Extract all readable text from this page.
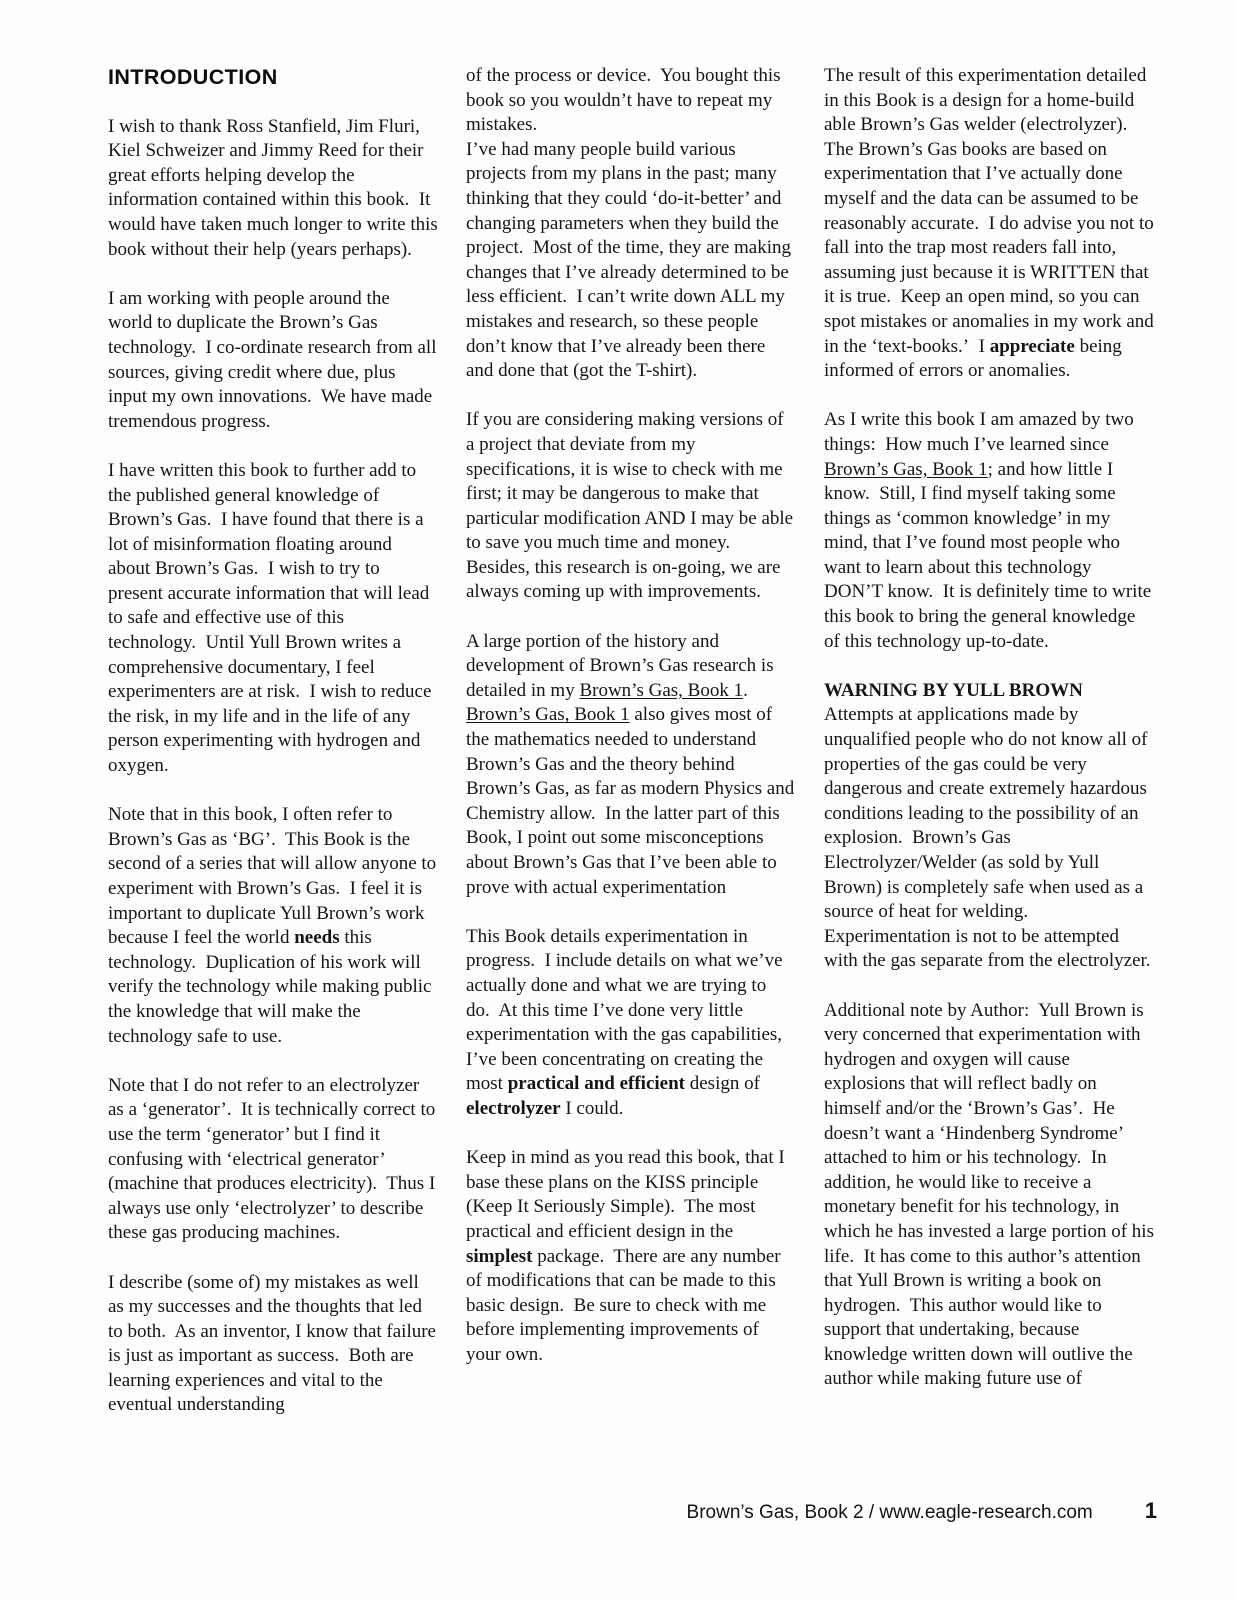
INTRODUCTION

I wish to thank Ross Stanfield, Jim Fluri, Kiel Schweizer and Jimmy Reed for their great efforts helping develop the information contained within this book.  It would have taken much longer to write this book without their help (years perhaps).

I am working with people around the world to duplicate the Brown’s Gas technology.  I co-ordinate research from all sources, giving credit where due, plus input my own innovations.  We have made tremendous progress.

I have written this book to further add to the published general knowledge of Brown’s Gas.  I have found that there is a lot of misinformation floating around about Brown’s Gas.  I wish to try to present accurate information that will lead to safe and effective use of this technology.  Until Yull Brown writes a comprehensive documentary, I feel experimenters are at risk.  I wish to reduce the risk, in my life and in the life of any person experimenting with hydrogen and oxygen.

Note that in this book, I often refer to Brown’s Gas as ‘BG’.  This Book is the second of a series that will allow anyone to experiment with Brown’s Gas.  I feel it is important to duplicate Yull Brown’s work because I feel the world needs this technology.  Duplication of his work will verify the technology while making public the knowledge that will make the technology safe to use.

Note that I do not refer to an electrolyzer as a ‘generator’.  It is technically correct to use the term ‘generator’ but I find it confusing with ‘electrical generator’ (machine that produces electricity).  Thus I always use only ‘electrolyzer’ to describe these gas producing machines.

I describe (some of) my mistakes as well as my successes and the thoughts that led to both.  As an inventor, I know that failure is just as important as success.  Both are learning experiences and vital to the eventual understanding

of the process or device.  You bought this book so you wouldn’t have to repeat my mistakes.

I’ve had many people build various projects from my plans in the past; many thinking that they could ‘do-it-better’ and changing parameters when they build the project.  Most of the time, they are making changes that I’ve already determined to be less efficient.  I can’t write down ALL my mistakes and research, so these people don’t know that I’ve already been there and done that (got the T-shirt).

If you are considering making versions of a project that deviate from my specifications, it is wise to check with me first; it may be dangerous to make that particular modification AND I may be able to save you much time and money.  Besides, this research is on-going, we are always coming up with improvements.

A large portion of the history and development of Brown’s Gas research is detailed in my Brown’s Gas, Book 1.  Brown’s Gas, Book 1 also gives most of the mathematics needed to understand Brown’s Gas and the theory behind Brown’s Gas, as far as modern Physics and Chemistry allow.  In the latter part of this Book, I point out some misconceptions about Brown’s Gas that I’ve been able to prove with actual experimentation

This Book details experimentation in progress.  I include details on what we’ve actually done and what we are trying to do.  At this time I’ve done very little experimentation with the gas capabilities, I’ve been concentrating on creating the most practical and efficient design of electrolyzer I could.

Keep in mind as you read this book, that I base these plans on the KISS principle (Keep It Seriously Simple).  The most practical and efficient design in the simplest package.  There are any number of modifications that can be made to this basic design.  Be sure to check with me before implementing improvements of your own.

The result of this experimentation detailed in this Book is a design for a home-build able Brown’s Gas welder (electrolyzer).  The Brown’s Gas books are based on experimentation that I’ve actually done myself and the data can be assumed to be reasonably accurate.  I do advise you not to fall into the trap most readers fall into, assuming just because it is WRITTEN that it is true.  Keep an open mind, so you can spot mistakes or anomalies in my work and in the ‘text-books.’  I appreciate being informed of errors or anomalies.

As I write this book I am amazed by two things:  How much I’ve learned since Brown’s Gas, Book 1; and how little I know.  Still, I find myself taking some things as ‘common knowledge’ in my mind, that I’ve found most people who want to learn about this technology DON’T know.  It is definitely time to write this book to bring the general knowledge of this technology up-to-date.

WARNING BY YULL BROWN

Attempts at applications made by unqualified people who do not know all of properties of the gas could be very dangerous and create extremely hazardous conditions leading to the possibility of an explosion.  Brown’s Gas Electrolyzer/Welder (as sold by Yull Brown) is completely safe when used as a source of heat for welding.  Experimentation is not to be attempted with the gas separate from the electrolyzer.

Additional note by Author:  Yull Brown is very concerned that experimentation with hydrogen and oxygen will cause explosions that will reflect badly on himself and/or the ‘Brown’s Gas’.  He doesn’t want a ‘Hindenberg Syndrome’ attached to him or his technology.  In addition, he would like to receive a monetary benefit for his technology, in which he has invested a large portion of his life.  It has come to this author’s attention that Yull Brown is writing a book on hydrogen.  This author would like to support that undertaking, because knowledge written down will outlive the author while making future use of

Brown’s Gas, Book 2 / www.eagle-research.com 1
